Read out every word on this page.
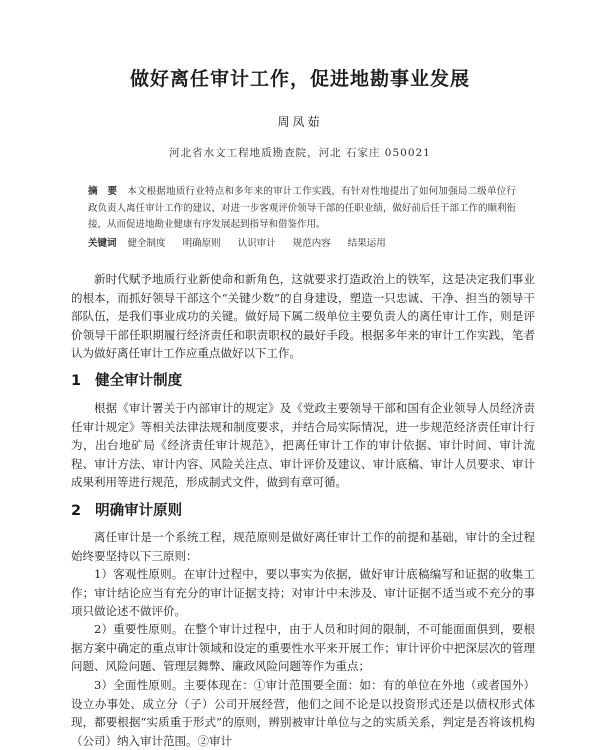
做好离任审计工作，促进地勘事业发展
周凤茹
河北省水文工程地质勘查院，河北 石家庄 050021
摘　要 本文根据地质行业特点和多年来的审计工作实践，有针对性地提出了如何加强局二级单位行政负责人离任审计工作的建议，对进一步客观评价领导干部的任职业绩，做好前后任干部工作的顺利衔接，从而促进地勘业健康有序发展起到指导和借鉴作用。
关键词 健全制度 明确原则 认识审计 规范内容 结果运用

新时代赋予地质行业新使命和新角色，这就要求打造政治上的铁军，这是决定我们事业的根本，而抓好领导干部这个“关键少数”的自身建设，塑造一只忠诚、干净、担当的领导干部队伍，是我们事业成功的关键。做好局下属二级单位主要负责人的离任审计工作，则是评价领导干部任职期履行经济责任和职责职权的最好手段。根据多年来的审计工作实践，笔者认为做好离任审计工作应重点做好以下工作。

1 健全审计制度

根据《审计署关于内部审计的规定》及《党政主要领导干部和国有企业领导人员经济责任审计规定》等相关法律法规和制度要求，并结合局实际情况，进一步规范经济责任审计行为，出台地矿局《经济责任审计规范》，把离任审计工作的审计依据、审计时间、审计流程、审计方法、审计内容、风险关注点、审计评价及建议、审计底稿、审计人员要求、审计成果利用等进行规范，形成制式文件，做到有章可循。

2 明确审计原则

离任审计是一个系统工程，规范原则是做好离任审计工作的前提和基础，审计的全过程始终要坚持以下三原则：

1）客观性原则。在审计过程中，要以事实为依据，做好审计底稿编写和证据的收集工作；审计结论应当有充分的审计证据支持；对审计中未涉及、审计证据不适当或不充分的事项只做论述不做评价。

2）重要性原则。在整个审计过程中，由于人员和时间的限制，不可能面面俱到，要根据方案中确定的重点审计领域和设定的重要性水平来开展工作；审计评价中把深层次的管理问题、风险问题、管理层舞弊、廉政风险问题等作为重点；

3）全面性原则。主要体现在：①审计范围要全面：如：有的单位在外地（或者国外）设立办事处、成立分（子）公司开展经营，他们之间不论是以投资形式还是以债权形式体现，都要根据“实质重于形式”的原则，辨别被审计单位与之的实质关系，判定是否将该机构（公司）纳入审计范围。②审计
